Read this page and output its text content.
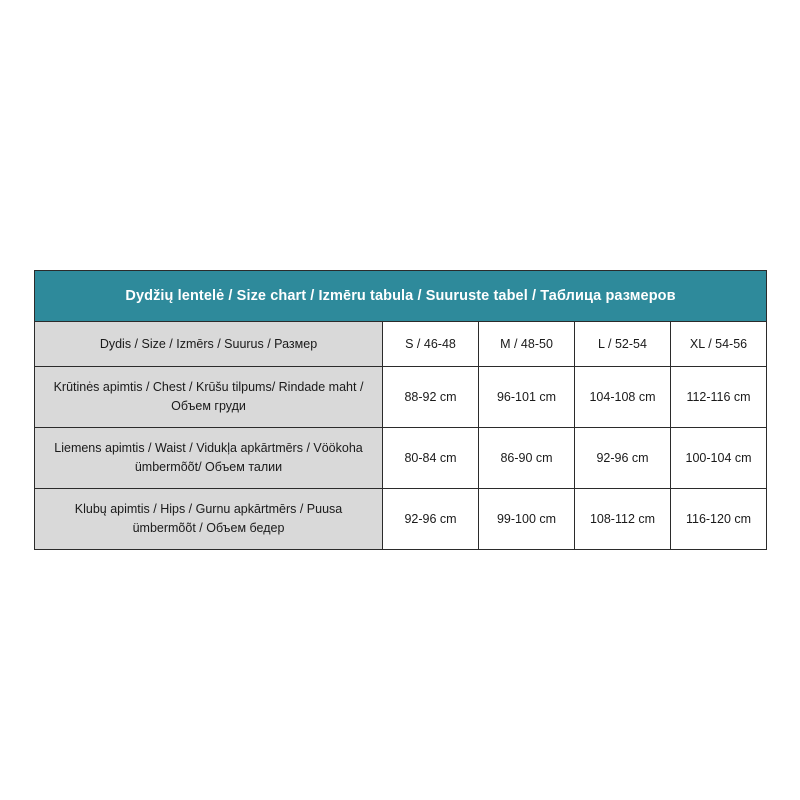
Dydžių lentelė / Size chart / Izmēru tabula / Suuruste tabel / Таблица размеров				
Dydis / Size / Izmērs / Suurus / Размер	S / 46-48	M / 48-50	L / 52-54	XL / 54-56
Krūtinės apimtis / Chest / Krūšu tilpums/ Rindade maht / Объем груди	88-92 cm	96-101 cm	104-108 cm	112-116 cm
Liemens apimtis / Waist / Vidukļa apkārtmērs / Vöökoha ümbermõõt/ Объем талии	80-84 cm	86-90 cm	92-96 cm	100-104 cm
Klubų apimtis / Hips / Gurnu apkārtmērs / Puusa ümbermõõt / Объем бедер	92-96 cm	99-100 cm	108-112 cm	116-120 cm
